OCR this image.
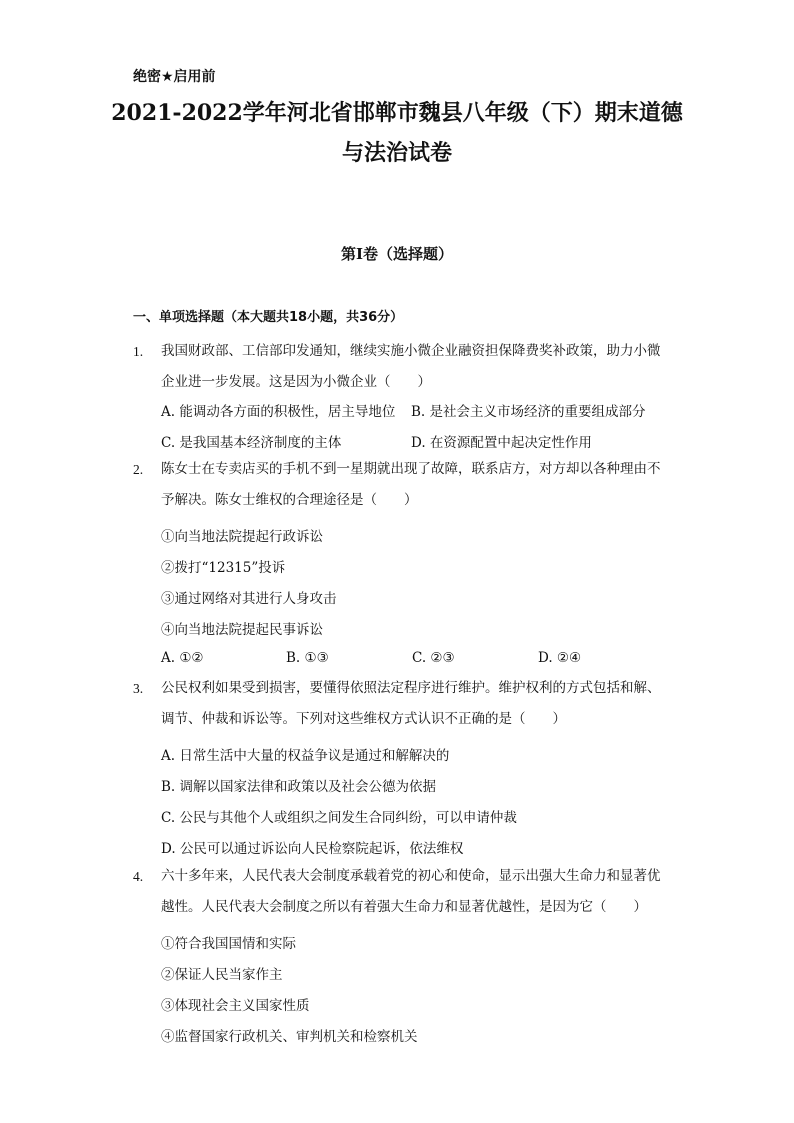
绝密★启用前
2021-2022学年河北省邯郸市魏县八年级（下）期末道德
与法治试卷
第Ⅰ卷（选择题）
一、单项选择题（本大题共18小题，共36分）
1.	我国财政部、工信部印发通知，继续实施小微企业融资担保降费奖补政策，助力小微企业进一步发展。这是因为小微企业（　　）
A. 能调动各方面的积极性，居主导地位 B. 是社会主义市场经济的重要组成部分
C. 是我国基本经济制度的主体	D. 在资源配置中起决定性作用
2.	陈女士在专卖店买的手机不到一星期就出现了故障，联系店方，对方却以各种理由不予解决。陈女士维权的合理途径是（　　）
①向当地法院提起行政诉讼
②拨打“12315”投诉
③通过网络对其进行人身攻击
④向当地法院提起民事诉讼
A. ①②	B. ①③	C. ②③	D. ②④
3.	公民权利如果受到损害，要懂得依照法定程序进行维护。维护权利的方式包括和解、调节、仲裁和诉讼等。下列对这些维权方式认识不正确的是（　　）
A. 日常生活中大量的权益争议是通过和解解决的
B. 调解以国家法律和政策以及社会公德为依据
C. 公民与其他个人或组织之间发生合同纠纷，可以申请仲裁
D. 公民可以通过诉讼向人民检察院起诉，依法维权
4.	六十多年来，人民代表大会制度承载着党的初心和使命，显示出强大生命力和显著优越性。人民代表大会制度之所以有着强大生命力和显著优越性，是因为它（　　）
①符合我国国情和实际
②保证人民当家作主
③体现社会主义国家性质
④监督国家行政机关、审判机关和检察机关
